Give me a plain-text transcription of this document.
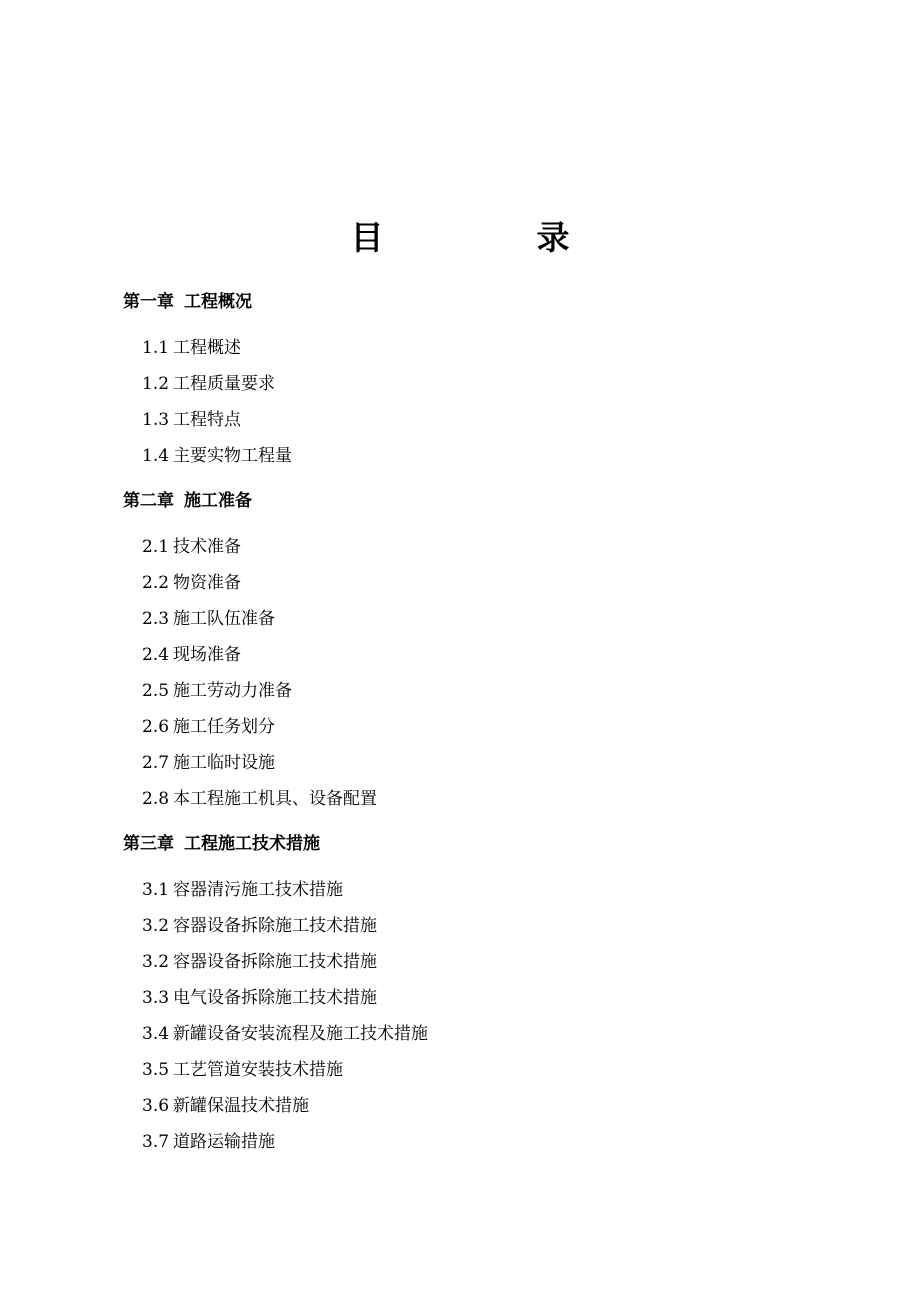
目　录
第一章 工程概况
1.1 工程概述
1.2 工程质量要求
1.3 工程特点
1.4 主要实物工程量
第二章 施工准备
2.1 技术准备
2.2 物资准备
2.3 施工队伍准备
2.4 现场准备
2.5 施工劳动力准备
2.6 施工任务划分
2.7 施工临时设施
2.8 本工程施工机具、设备配置
第三章 工程施工技术措施
3.1 容器清污施工技术措施
3.2 容器设备拆除施工技术措施
3.2 容器设备拆除施工技术措施
3.3 电气设备拆除施工技术措施
3.4 新罐设备安装流程及施工技术措施
3.5 工艺管道安装技术措施
3.6 新罐保温技术措施
3.7 道路运输措施
